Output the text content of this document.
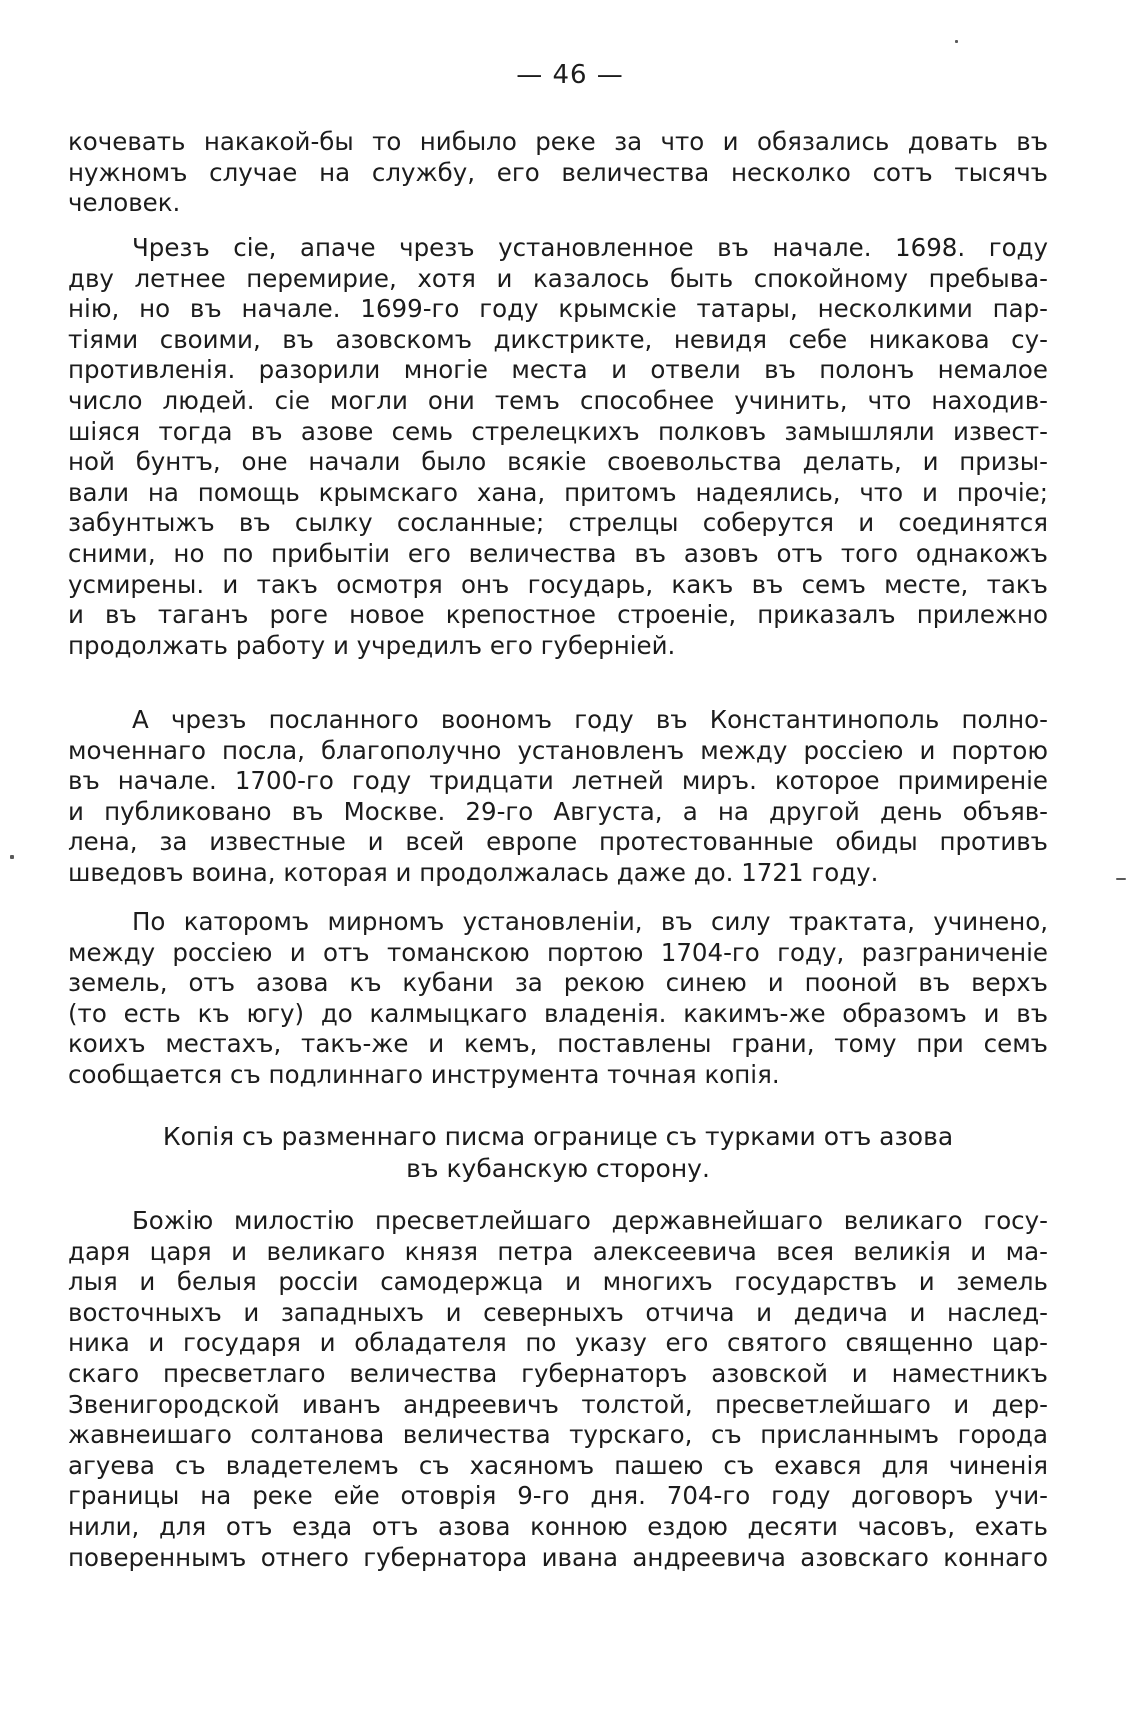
— 46 —

кочевать накакой-бы то нибыло реке за что и обязались довать въ
нужномъ случае на службу, его величества несколко сотъ тысячъ
человек.

Чрезъ сіе, апаче чрезъ установленное въ начале. 1698. году
дву летнее перемирие, хотя и казалось быть спокойному пребыва-
нію, но въ начале. 1699-го году крымскіе татары, несколкими пар-
тіями своими, въ азовскомъ дикстрикте, невидя себе никакова су-
противленія. разорили многіе места и отвели въ полонъ немалое
число людей. сіе могли они темъ способнее учинить, что находив-
шіяся тогда въ азове семь стрелецкихъ полковъ замышляли извест-
ной бунтъ, оне начали было всякіе своевольства делать, и призы-
вали на помощь крымскаго хана, притомъ надеялись, что и прочіе;
забунтыжъ въ сылку сосланные; стрелцы соберутся и соединятся
сними, но по прибытіи его величества въ азовъ отъ того однакожъ
усмирены. и такъ осмотря онъ государь, какъ въ семъ месте, такъ
и въ таганъ роге новое крепостное строеніе, приказалъ прилежно
продолжать работу и учредилъ его губерніей.

А чрезъ посланного воономъ году въ Константинополь полно-
моченнаго посла, благополучно установленъ между россіею и портою
въ начале. 1700-го году тридцати летней миръ. которое примиреніе
и публиковано въ Москве. 29-го Августа, а на другой день объяв-
лена, за известные и всей европе протестованные обиды противъ
шведовъ воина, которая и продолжалась даже до. 1721 году.

По каторомъ мирномъ установленіи, въ силу трактата, учинено,
между россіею и отъ томанскою портою 1704-го году, разграниченіе
земель, отъ азова къ кубани за рекою синею и пооной въ верхъ
(то есть къ югу) до калмыцкаго владенія. какимъ-же образомъ и въ
коихъ местахъ, такъ-же и кемъ, поставлены грани, тому при семъ
сообщается съ подлиннаго инструмента точная копія.

Копія съ разменнаго писма огранице съ турками отъ азова
въ кубанскую сторону.

Божію милостію пресветлейшаго державнейшаго великаго госу-
даря царя и великаго князя петра алексеевича всея великія и ма-
лыя и белыя россіи самодержца и многихъ государствъ и земель
восточныхъ и западныхъ и северныхъ отчича и дедича и наслед-
ника и государя и обладателя по указу его святого священно цар-
скаго пресветлаго величества губернаторъ азовской и наместникъ
Звенигородской иванъ андреевичъ толстой, пресветлейшаго и дер-
жавнеишаго солтанова величества турскаго, съ присланнымъ города
агуева съ владетелемъ съ хасяномъ пашею съ ехався для чиненія
границы на реке ейе отоврія 9-го дня. 704-го году договоръ учи-
нили, для отъ езда отъ азова конною ездою десяти часовъ, ехать
повереннымъ отнего губернатора ивана андреевича азовскаго коннаго
